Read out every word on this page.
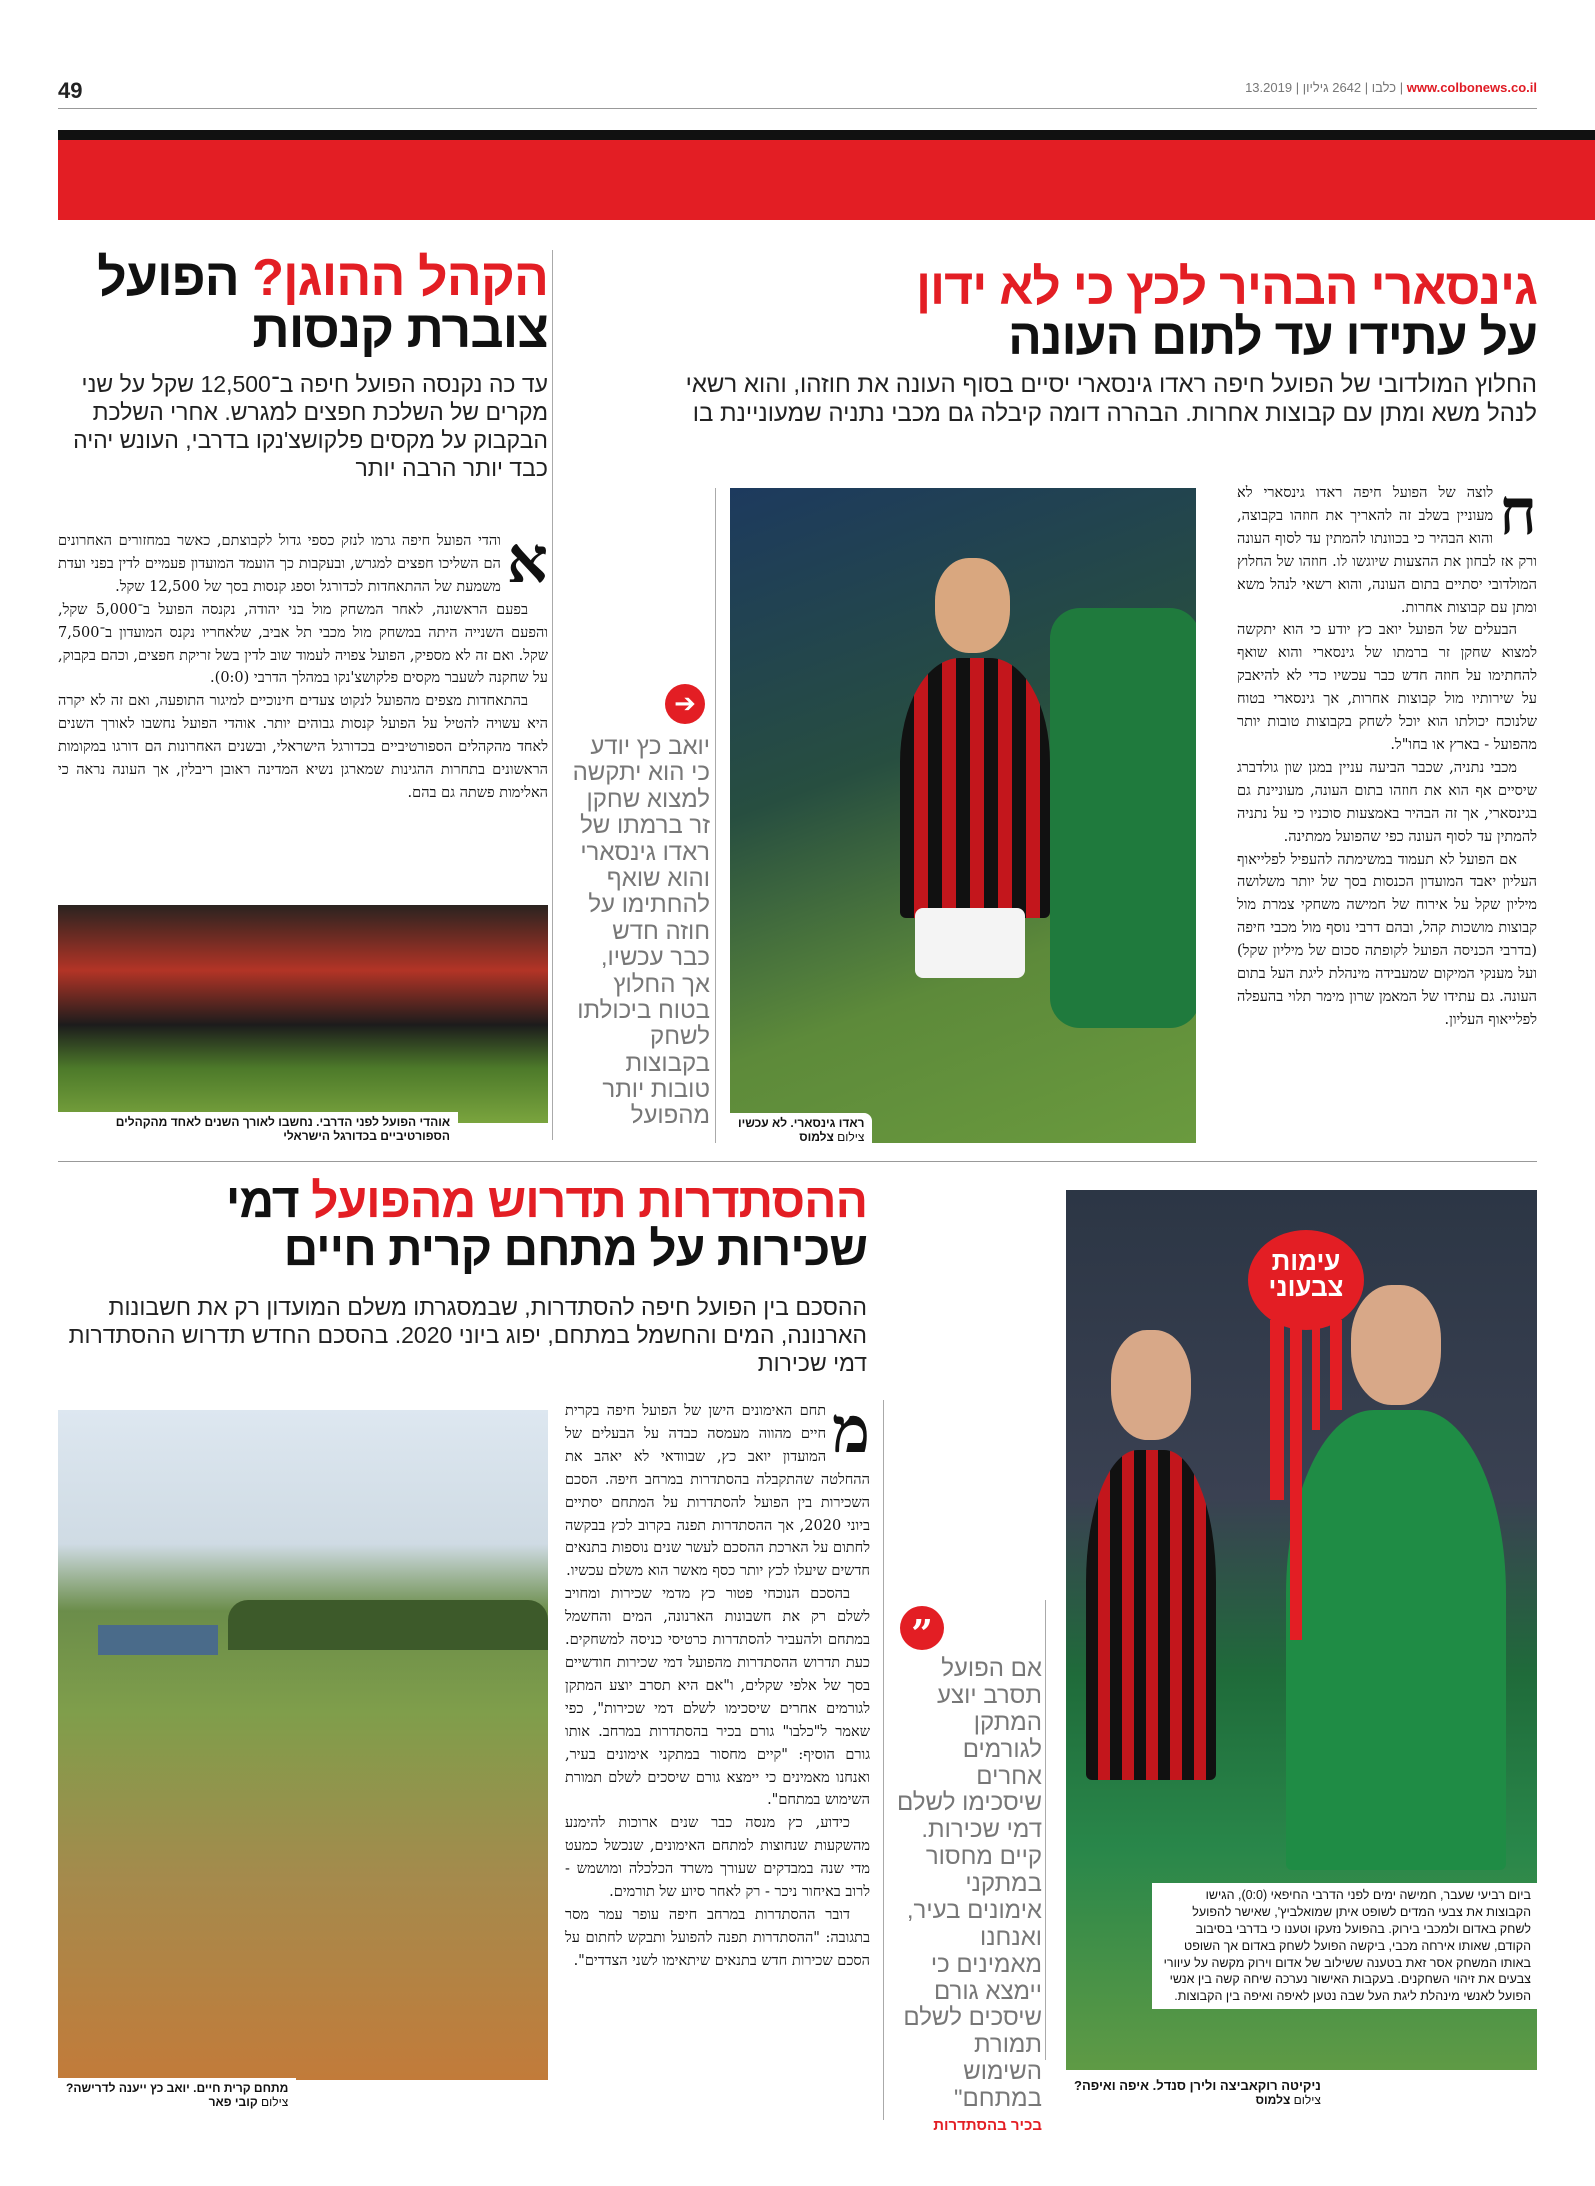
49	www.colbonews.co.il | כלבו | 2642 גיליון | 13.2019
גינסארי הבהיר לכץ כי לא ידון
על עתידו עד לתום העונה
החלוץ המולדובי של הפועל חיפה ראדו גינסארי יסיים בסוף העונה את חוזהו, והוא רשאי לנהל משא ומתן עם קבוצות אחרות. הבהרה דומה קיבלה גם מכבי נתניה שמעוניינת בו

ח
לוצה של הפועל חיפה ראדו גינסארי לא מעוניין בשלב זה להאריך את חוזהו בקבוצה, והוא הבהיר כי בכוונתו להמתין עד לסוף העונה ורק אז לבחון את ההצעות שיוגשו לו. חוזהו של החלוץ המולדובי יסתיים בתום העונה, והוא רשאי לנהל משא ומתן עם קבוצות אחרות.

הבעלים של הפועל יואב כץ יודע כי הוא יתקשה למצוא שחקן זר ברמתו של גינסארי והוא שואף להחתימו על חוזה חדש כבר עכשיו כדי לא להיאבק על שירותיו מול קבוצות אחרות, אך גינסארי בטוח שלנוכח יכולתו הוא יוכל לשחק בקבוצות טובות יותר מהפועל - בארץ או בחו"ל.

מכבי נתניה, שכבר הביעה עניין במגן שון גולדברג שיסיים אף הוא את חוזהו בתום העונה, מעוניינת גם בגינסארי, אך זה הבהיר באמצעות סוכניו כי על נתניה להמתין עד לסוף העונה כפי שהפועל ממתינה.

אם הפועל לא תעמוד במשימתה להעפיל לפלייאוף העליון יאבד המועדון הכנסות בסך של יותר משלושה מיליון שקל על אירוח של חמישה משחקי צמרת מול קבוצות מושכות קהל, ובהם דרבי נוסף מול מכבי חיפה (בדרבי הכניסה הפועל לקופתה סכום של מיליון שקל) ועל מענקי המיקום שמעבידה מינהלת ליגת העל בתום העונה. גם עתידו של המאמן שרון מימר תלוי בהעפלה לפלייאוף העליון.

ראדו גינסארי. לא עכשיו
צילום צלמוס
יואב כץ יודע כי הוא יתקשה למצוא שחקן זר ברמתו של ראדו גינסארי והוא שואף להחתימו על חוזה חדש כבר עכשיו, אך החלוץ בטוח ביכולתו לשחק בקבוצות טובות יותר מהפועל
➔
הקהל ההוגן? הפועל
צוברת קנסות
עד כה נקנסה הפועל חיפה ב־12,500 שקל על שני מקרים של השלכת חפצים למגרש. אחרי השלכת הבקבוק על מקסים פלקושצ'נקו בדרבי, העונש יהיה כבד יותר הרבה יותר

א
והדי הפועל חיפה גרמו לנזק כספי גדול לקבוצתם, כאשר במחזורים האחרונים הם השליכו חפצים למגרש, ובעקבות כך הועמד המועדון פעמיים לדין בפני ועדת משמעת של ההתאחדות לכדורגל וספג קנסות בסך של 12,500 שקל.

בפעם הראשונה, לאחר המשחק מול בני יהודה, נקנסה הפועל ב־5,000 שקל, והפעם השנייה היתה במשחק מול מכבי תל אביב, שלאחריו נקנס המועדון ב־7,500 שקל. ואם זה לא מספיק, הפועל צפויה לעמוד שוב לדין בשל זריקת חפצים, וכהם בקבוק, על שחקנה לשעבר מקסים פלקושצ'נקו במהלך הדרבי (0:0).

בהתאחדות מצפים מהפועל לנקוט צעדים חינוכיים למיגור התופעה, ואם זה לא יקרה היא עשויה להטיל על הפועל קנסות גבוהים יותר. אוהדי הפועל נחשבו לאורך השנים לאחד מהקהלים הספורטיביים בכדורגל הישראלי, ובשנים האחרונות הם דורגו במקומות הראשונים בתחרות ההגינות שמארגן נשיא המדינה ראובן ריבלין, אך העונה נראה כי האלימות פשתה גם בהם.

אוהדי הפועל לפני הדרבי. נחשבו לאורך השנים לאחד מהקהלים הספורטיביים בכדורגל הישראלי
ההסתדרות תדרוש מהפועל דמי
שכירות על מתחם קרית חיים
ההסכם בין הפועל חיפה להסתדרות, שבמסגרתו משלם המועדון רק את חשבונות הארנונה, המים והחשמל במתחם, יפוג ביוני 2020. בהסכם החדש תדרוש ההסתדרות דמי שכירות

מ
תחם האימונים הישן של הפועל חיפה בקרית חיים מהווה מעמסה כבדה על הבעלים של המועדון יואב כץ, שבוודאי לא יאהב את ההחלטה שהתקבלה בהסתדרות במרחב חיפה. הסכם השכירות בין הפועל להסתדרות על המתחם יסתיים ביוני 2020, אך ההסתדרות תפנה בקרוב לכץ בבקשה לחתום על הארכת ההסכם לעשר שנים נוספות בתנאים חדשים שיעלו לכץ יותר כסף מאשר הוא משלם עכשיו.

בהסכם הנוכחי פטור כץ מדמי שכירות ומחויב לשלם רק את חשבונות הארנונה, המים והחשמל במתחם ולהעביר להסתדרות כרטיסי כניסה למשחקים. כעת תדרוש ההסתדרות מהפועל דמי שכירות חודשיים בסך של אלפי שקלים, ו"אם היא תסרב יוצע המתקן לגורמים אחרים שיסכימו לשלם דמי שכירות", כפי שאמר ל"כלבו" גורם בכיר בהסתדרות במרחב. אותו גורם הוסיף: "קיים מחסור במתקני אימונים בעיר, ואנחנו מאמינים כי יימצא גורם שיסכים לשלם תמורת השימוש במתחם".

כידוע, כץ מנסה כבר שנים ארוכות להימנע מהשקעות שנחוצות למתחם האימונים, שנכשל כמעט מדי שנה במבדקים שעורך משרד הכלכלה ומושמש - לרוב באיחור ניכר - רק לאחר סיוע של תורמים.

דובר ההסתדרות במרחב חיפה עופר עמר מסר בתגובה: "ההסתדרות תפנה להפועל ותבקש לחתום על הסכם שכירות חדש בתנאים שיתאימו לשני הצדדים".

מתחם קרית חיים. יואב כץ ייענה לדרישה?
צילום קובי פאר
אם הפועל תסרב יוצע המתקן לגורמים אחרים שיסכימו לשלם דמי שכירות. קיים מחסור במתקני אימונים בעיר, ואנחנו מאמינים כי יימצא גורם שיסכים לשלם תמורת השימוש במתחם"
בכיר בהסתדרות
”
עימות
צבעוני
ביום רביעי שעבר, חמישה ימים לפני הדרבי החיפאי (0:0), הגישו הקבוצות את צבעי המדים לשופט איתן שמואלביץ', שאישר להפועל לשחק באדום ולמכבי בירוק. בהפועל נזעקו וטענו כי בדרבי בסיבוב הקודם, שאותו אירחה מכבי, ביקשה הפועל לשחק באדום אך השופט באותו המשחק אסר זאת בטענה ששילוב של אדום וירוק מקשה על עיוורי צבעים את זיהוי השחקנים. בעקבות האישור נערכה שיחה קשה בין אנשי הפועל לאנשי מינהלת ליגת העל שבה נטען לאיפה ואיפה בין הקבוצות.
ניקיטה רוקאביצה ולירן סנדל. איפה ואיפה?
צילום צלמוס
